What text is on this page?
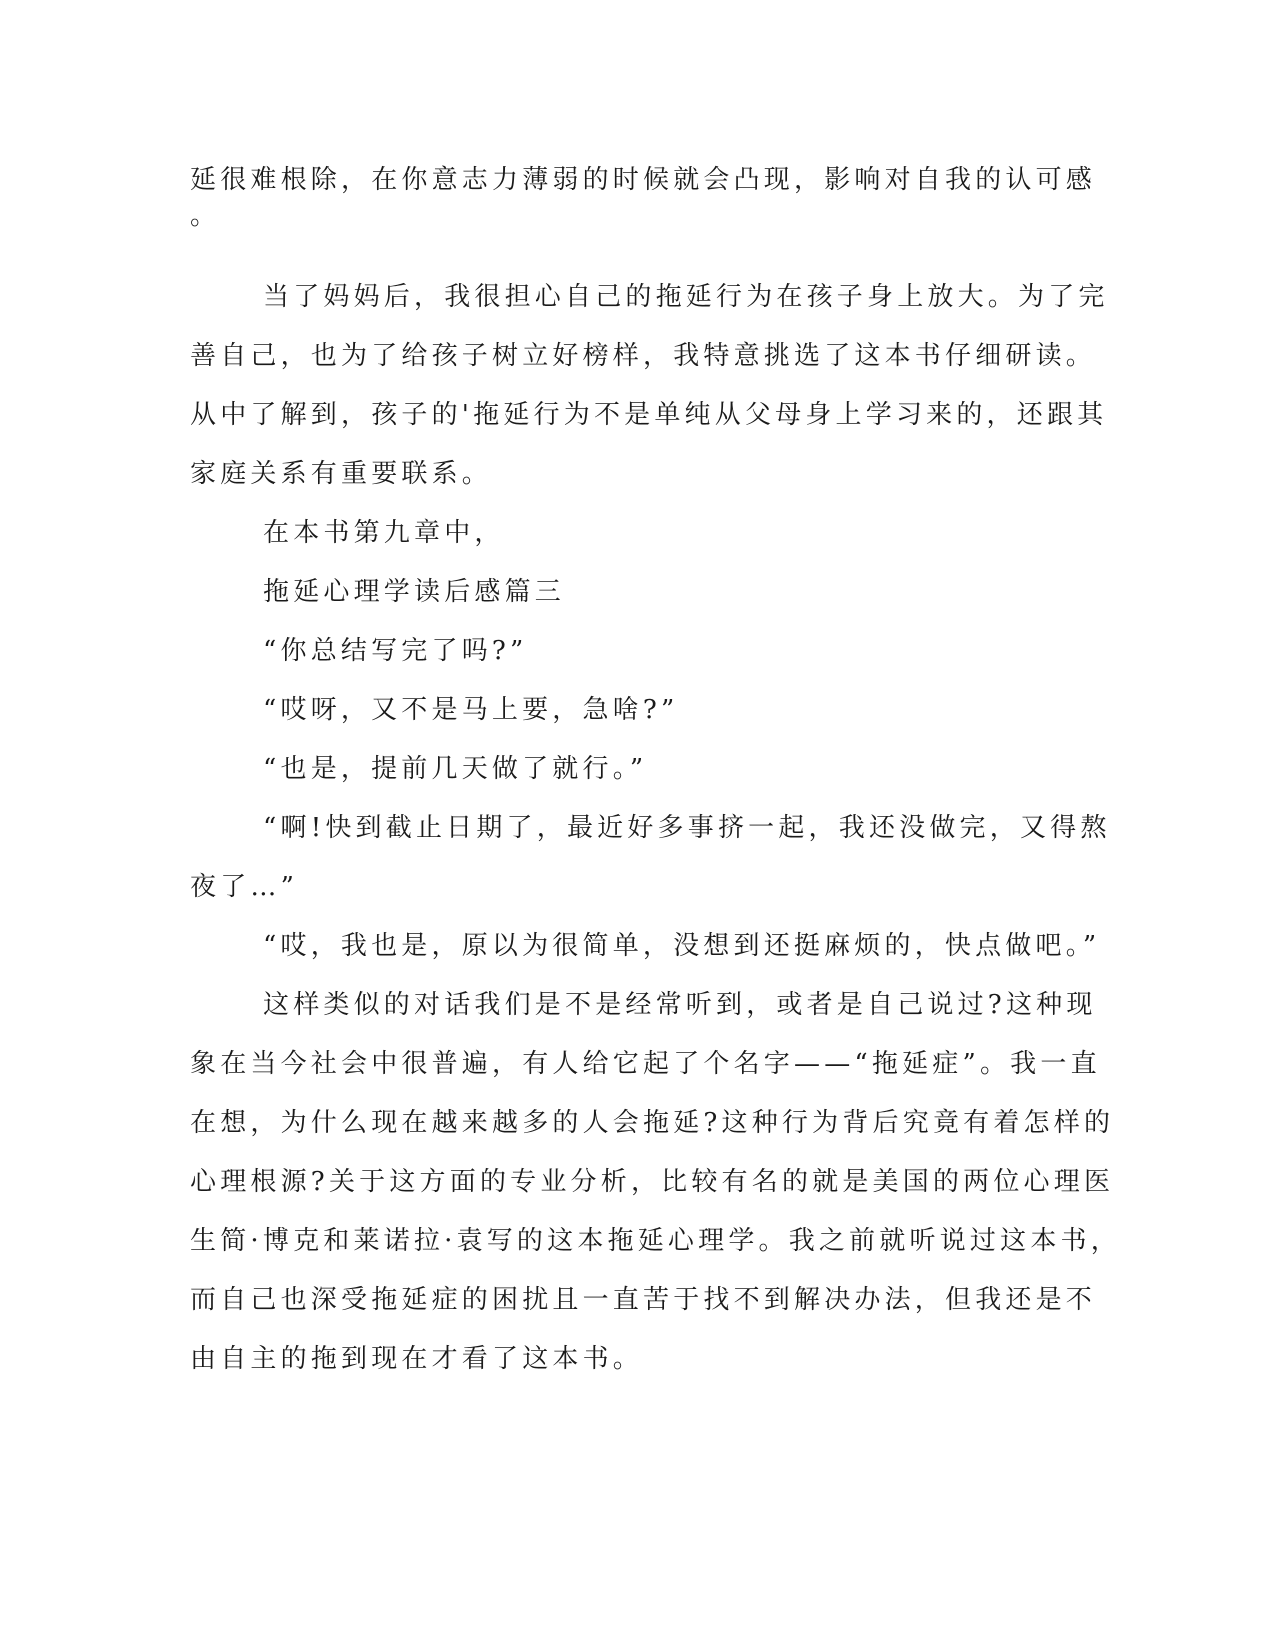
延很难根除，在你意志力薄弱的时候就会凸现，影响对自我的认可感

。

当了妈妈后，我很担心自己的拖延行为在孩子身上放大。为了完

善自己，也为了给孩子树立好榜样，我特意挑选了这本书仔细研读。

从中了解到，孩子的'拖延行为不是单纯从父母身上学习来的，还跟其

家庭关系有重要联系。

在本书第九章中，

拖延心理学读后感篇三

“你总结写完了吗?”

“哎呀，又不是马上要，急啥?”

“也是，提前几天做了就行。”

“啊!快到截止日期了，最近好多事挤一起，我还没做完，又得熬

夜了…”

“哎，我也是，原以为很简单，没想到还挺麻烦的，快点做吧。”

这样类似的对话我们是不是经常听到，或者是自己说过?这种现

象在当今社会中很普遍，有人给它起了个名字——“拖延症”。我一直

在想，为什么现在越来越多的人会拖延?这种行为背后究竟有着怎样的

心理根源?关于这方面的专业分析，比较有名的就是美国的两位心理医

生简·博克和莱诺拉·袁写的这本拖延心理学。我之前就听说过这本书，

而自己也深受拖延症的困扰且一直苦于找不到解决办法，但我还是不

由自主的拖到现在才看了这本书。
